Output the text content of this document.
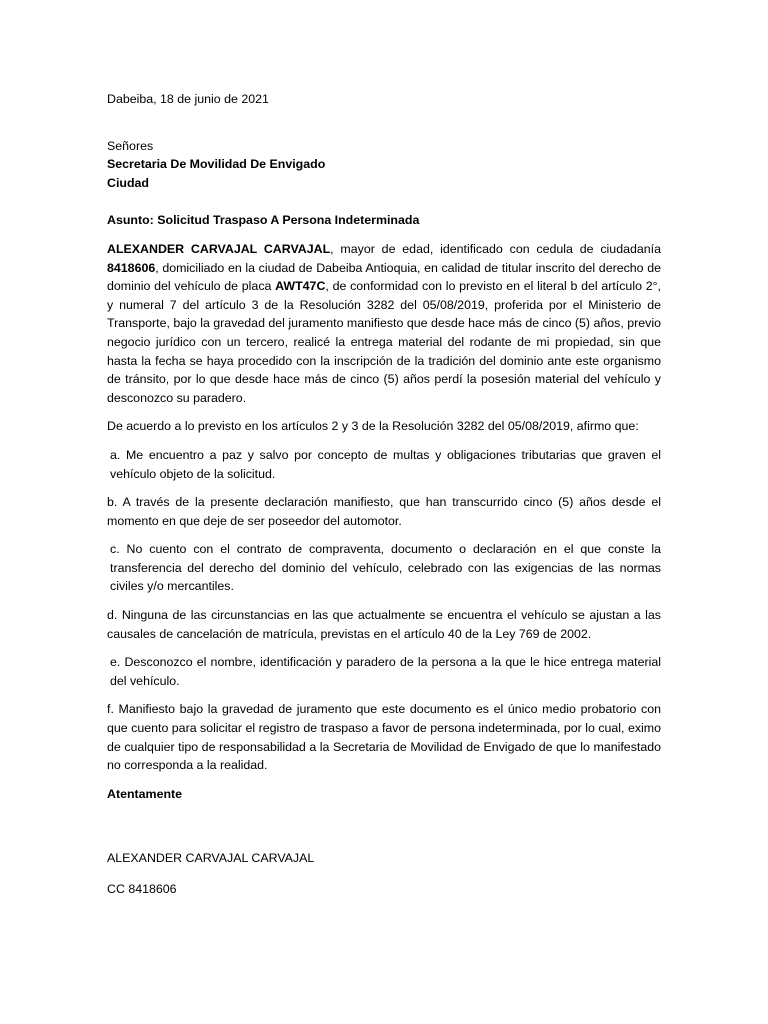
Dabeiba, 18 de junio de 2021

Señores

Secretaria De Movilidad De Envigado

Ciudad

Asunto: Solicitud Traspaso A Persona Indeterminada

ALEXANDER CARVAJAL CARVAJAL, mayor de edad, identificado con cedula de ciudadanía 8418606, domiciliado en la ciudad de Dabeiba Antioquia, en calidad de titular inscrito del derecho de dominio del vehículo de placa AWT47C, de conformidad con lo previsto en el literal b del artículo 2°, y numeral 7 del artículo 3 de la Resolución 3282 del 05/08/2019, proferida por el Ministerio de Transporte, bajo la gravedad del juramento manifiesto que desde hace más de cinco (5) años, previo negocio jurídico con un tercero, realicé la entrega material del rodante de mi propiedad, sin que hasta la fecha se haya procedido con la inscripción de la tradición del dominio ante este organismo de tránsito, por lo que desde hace más de cinco (5) años perdí la posesión material del vehículo y desconozco su paradero.

De acuerdo a lo previsto en los artículos 2 y 3 de la Resolución 3282 del 05/08/2019, afirmo que:

a. Me encuentro a paz y salvo por concepto de multas y obligaciones tributarias que graven el vehículo objeto de la solicitud.

b. A través de la presente declaración manifiesto, que han transcurrido cinco (5) años desde el momento en que deje de ser poseedor del automotor.

c. No cuento con el contrato de compraventa, documento o declaración en el que conste la transferencia del derecho del dominio del vehículo, celebrado con las exigencias de las normas civiles y/o mercantiles.

d. Ninguna de las circunstancias en las que actualmente se encuentra el vehículo se ajustan a las causales de cancelación de matrícula, previstas en el artículo 40 de la Ley 769 de 2002.

e. Desconozco el nombre, identificación y paradero de la persona a la que le hice entrega material del vehículo.

f. Manifiesto bajo la gravedad de juramento que este documento es el único medio probatorio con que cuento para solicitar el registro de traspaso a favor de persona indeterminada, por lo cual, eximo de cualquier tipo de responsabilidad a la Secretaria de Movilidad de Envigado de que lo manifestado no corresponda a la realidad.

Atentamente

ALEXANDER CARVAJAL CARVAJAL

CC 8418606
